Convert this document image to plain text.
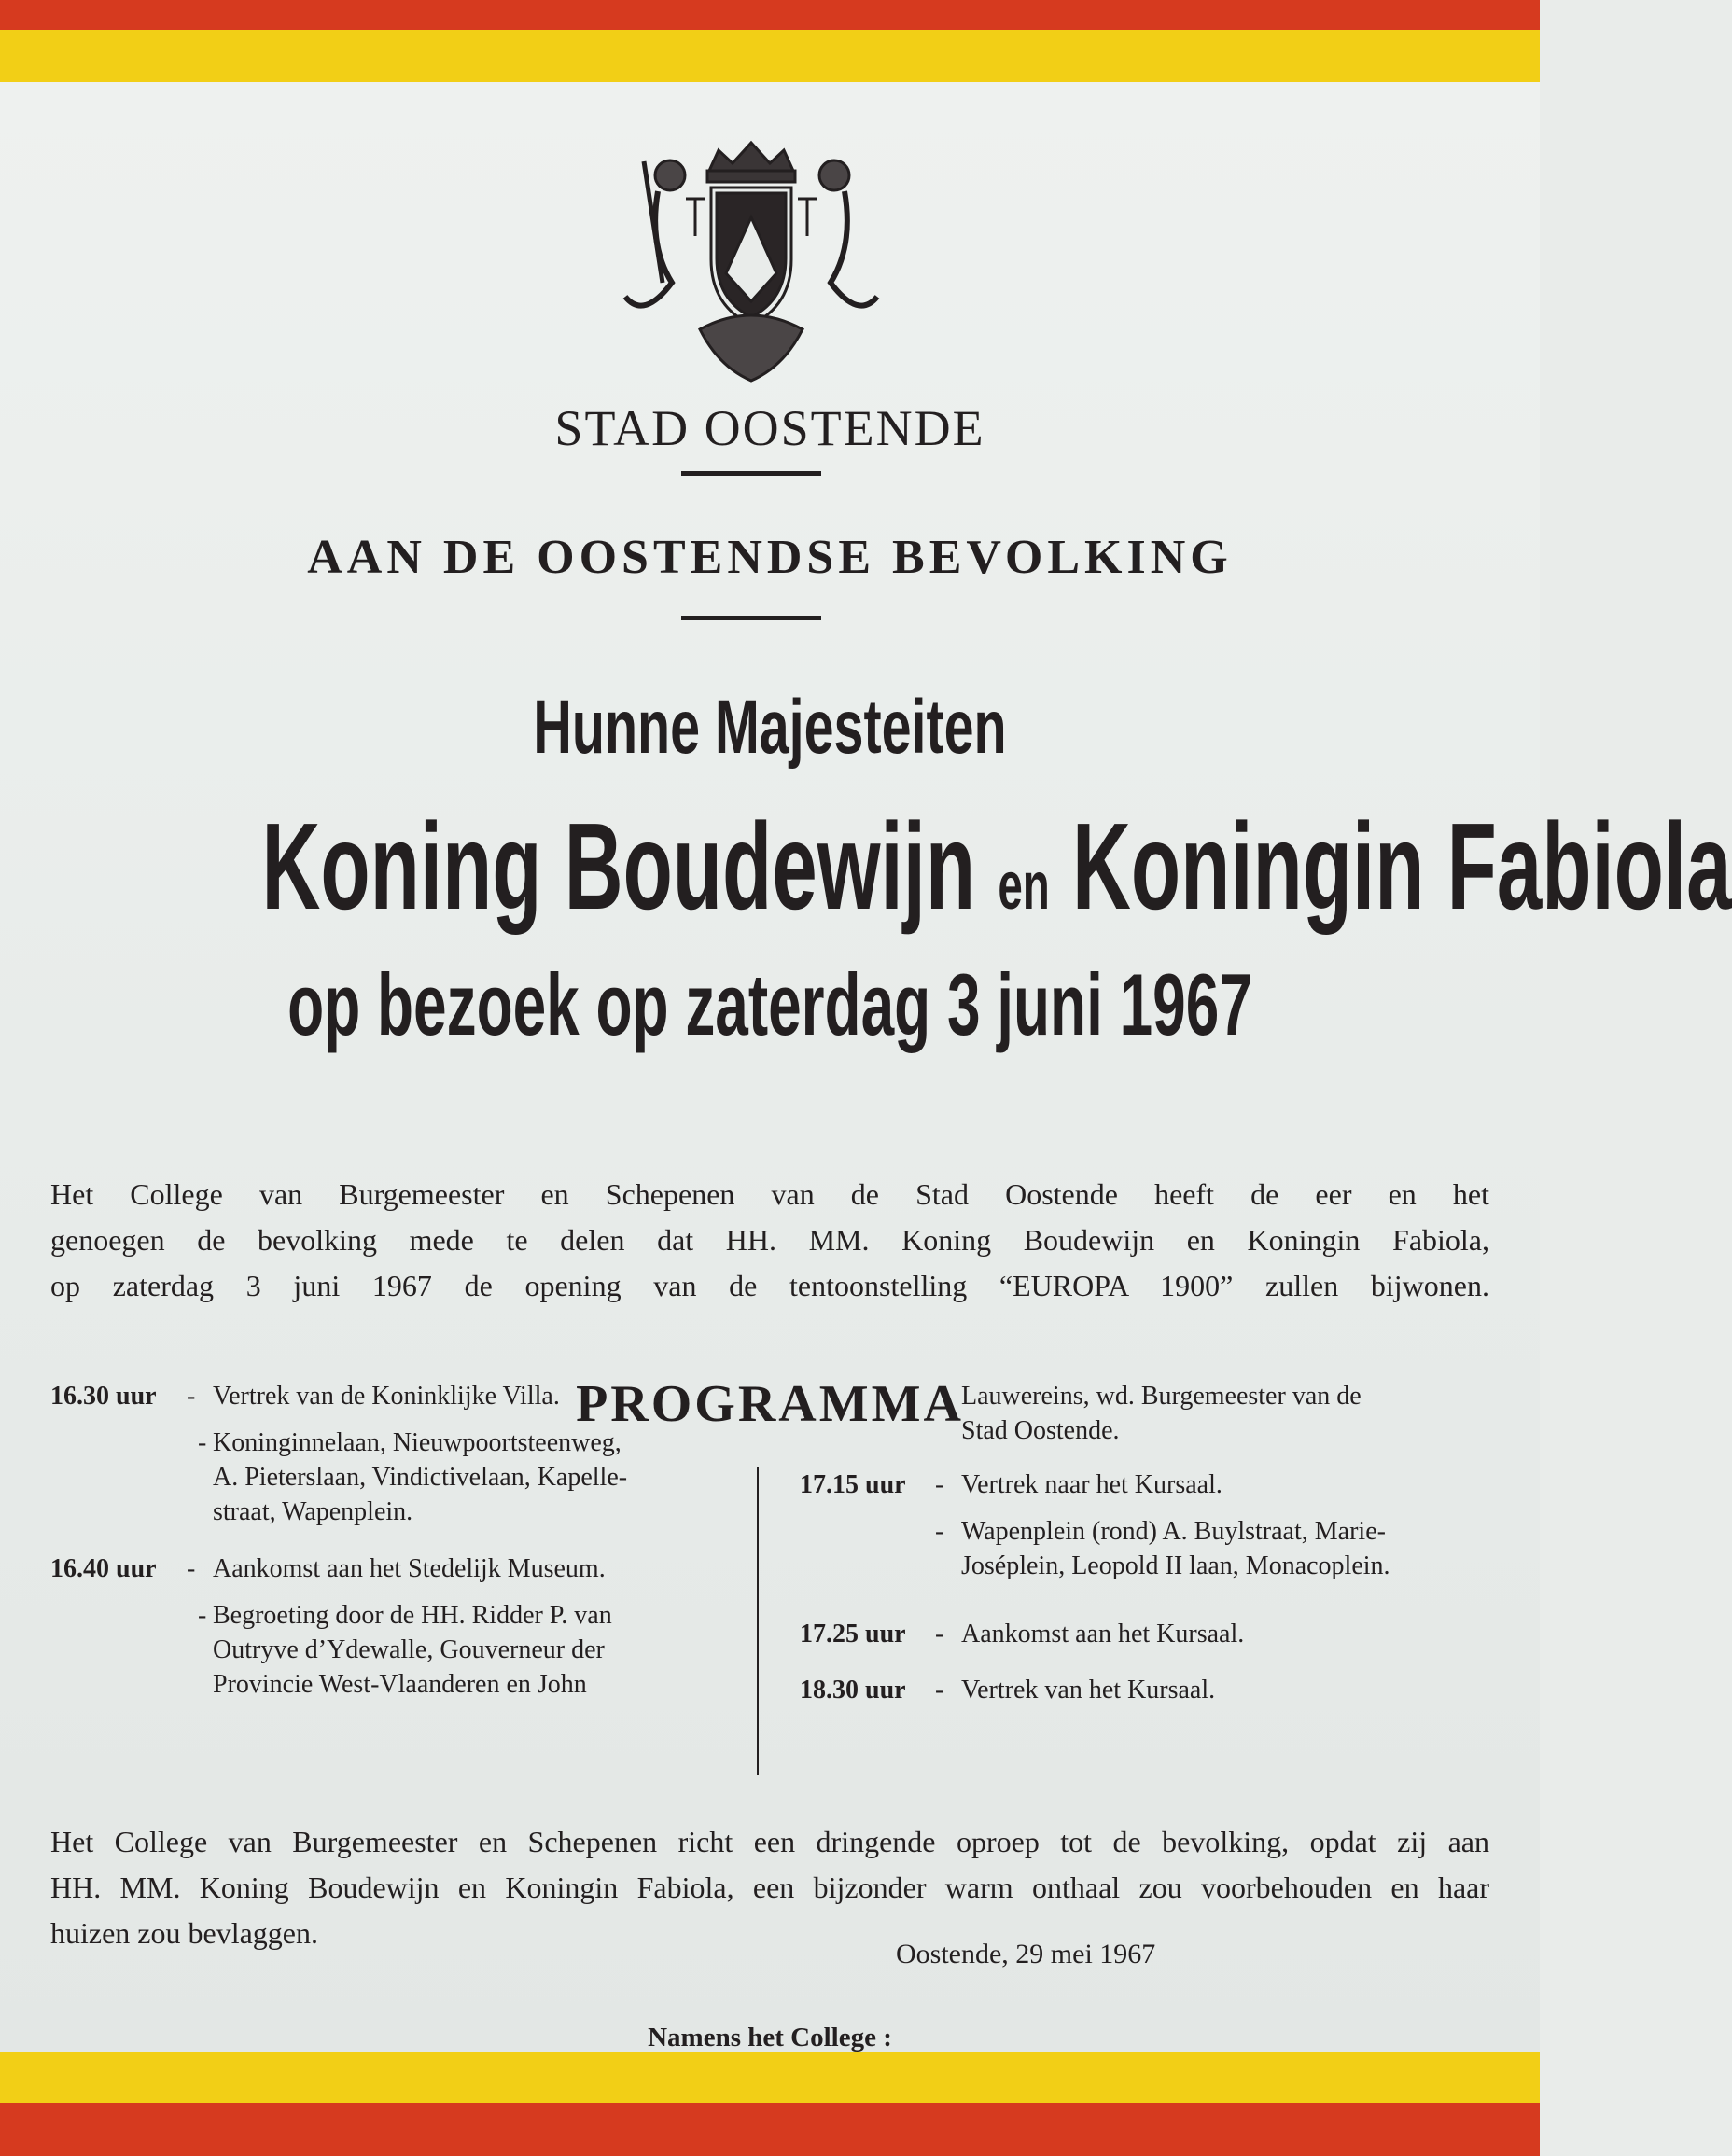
STAD OOSTENDE
AAN DE OOSTENDSE BEVOLKING
Hunne Majesteiten
Koning Boudewijn en Koningin Fabiola
op bezoek op zaterdag 3 juni 1967
Het College van Burgemeester en Schepenen van de Stad Oostende heeft de eer en het
genoegen de bevolking mede te delen dat HH. MM. Koning Boudewijn en Koningin Fabiola,
op zaterdag 3 juni 1967 de opening van de tentoonstelling “EUROPA 1900” zullen bijwonen.
PROGRAMMA
16.30 uur - Vertrek van de Koninklijke Villa.
- Koninginnelaan, Nieuwpoortsteenweg,
A. Pieterslaan, Vindictivelaan, Kapelle-
straat, Wapenplein.
16.40 uur - Aankomst aan het Stedelijk Museum.
- Begroeting door de HH. Ridder P. van
Outryve d’Ydewalle, Gouverneur der
Provincie West-Vlaanderen en John
Lauwereins, wd. Burgemeester van de
Stad Oostende.
17.15 uur - Vertrek naar het Kursaal.
- Wapenplein (rond) A. Buylstraat, Marie-
Joséplein, Leopold II laan, Monacoplein.
17.25 uur - Aankomst aan het Kursaal.
18.30 uur - Vertrek van het Kursaal.
Het College van Burgemeester en Schepenen richt een dringende oproep tot de bevolking, opdat zij aan
HH. MM. Koning Boudewijn en Koningin Fabiola, een bijzonder warm onthaal zou voorbehouden en haar
huizen zou bevlaggen.
Oostende, 29 mei 1967
Namens het College :
